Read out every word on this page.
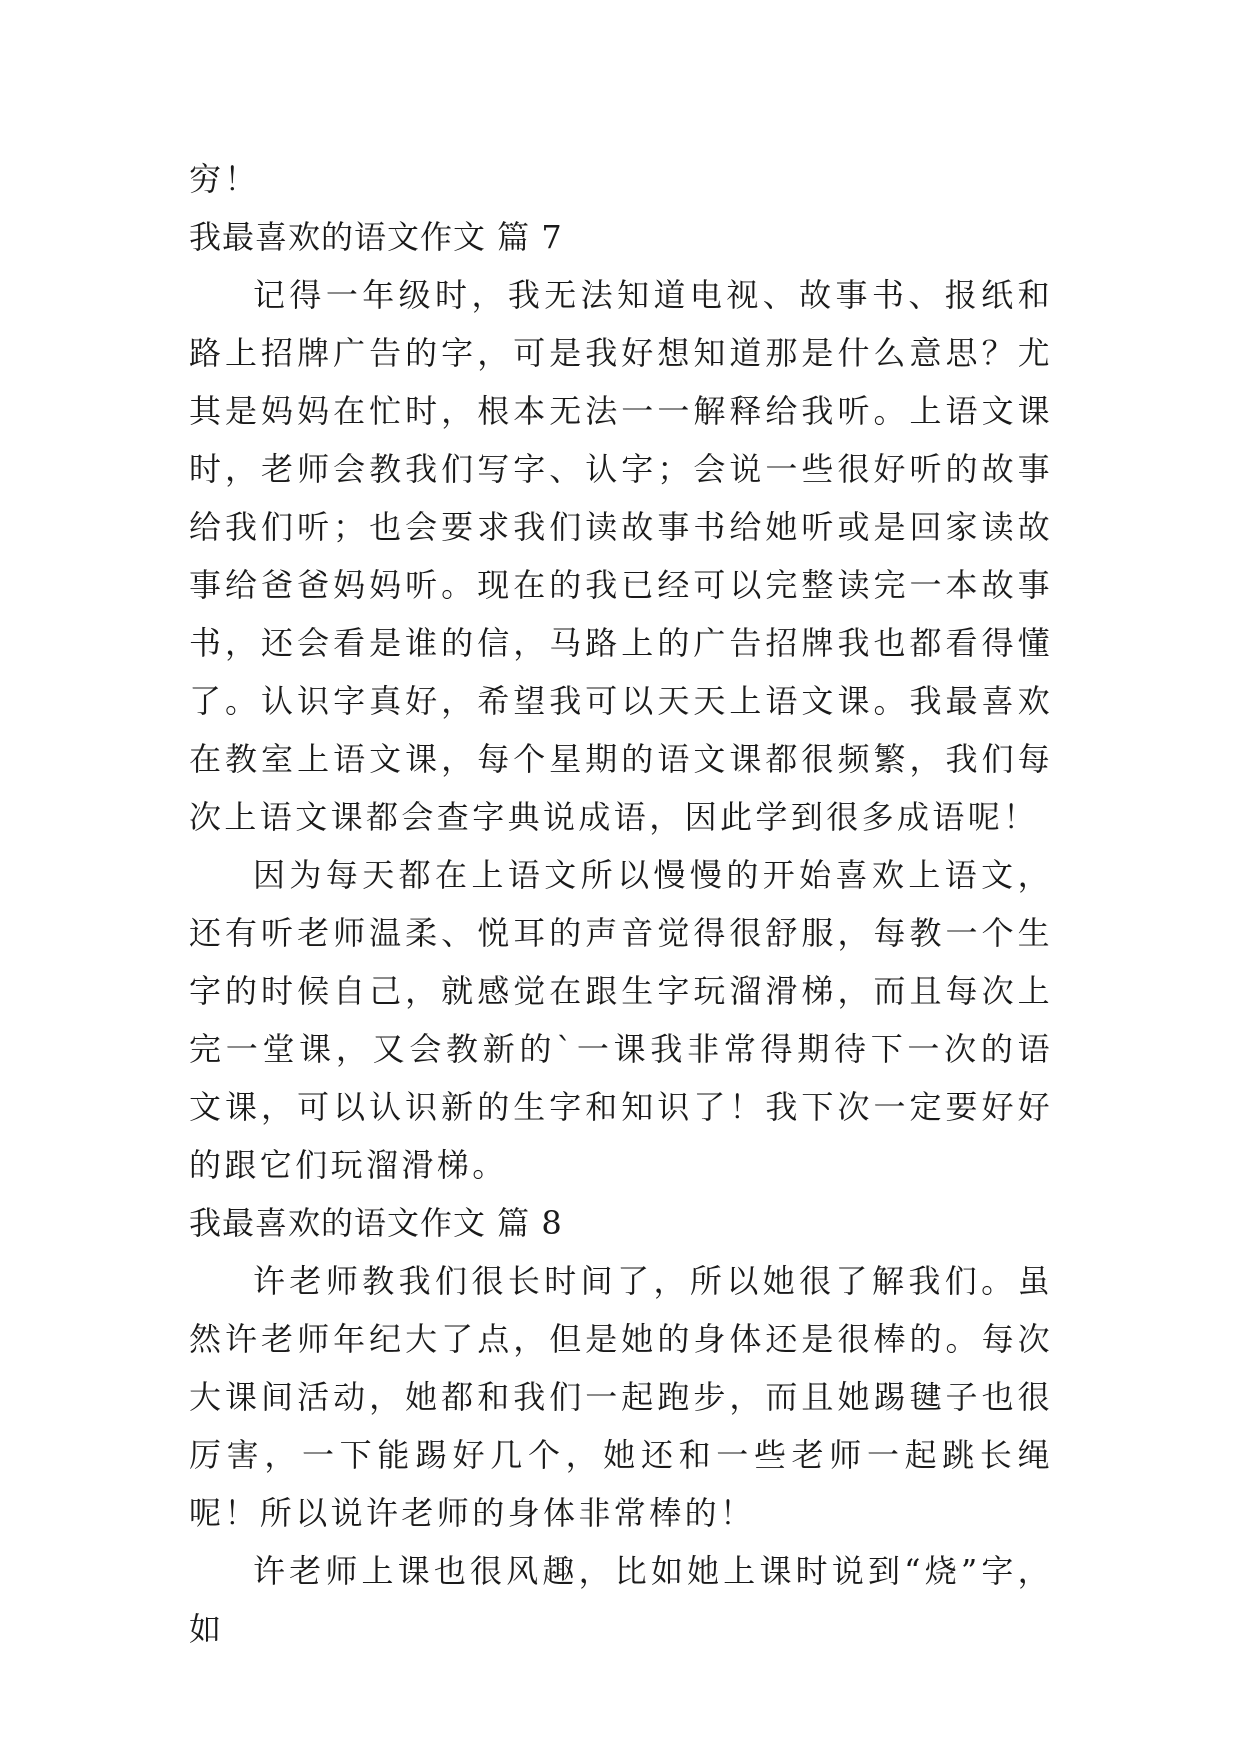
穷！
我最喜欢的语文作文 篇 7

记得一年级时，我无法知道电视、故事书、报纸和路上招牌广告的字，可是我好想知道那是什么意思？尤其是妈妈在忙时，根本无法一一解释给我听。上语文课时，老师会教我们写字、认字；会说一些很好听的故事给我们听；也会要求我们读故事书给她听或是回家读故事给爸爸妈妈听。现在的我已经可以完整读完一本故事书，还会看是谁的信，马路上的广告招牌我也都看得懂了。认识字真好，希望我可以天天上语文课。我最喜欢在教室上语文课，每个星期的语文课都很频繁，我们每次上语文课都会查字典说成语，因此学到很多成语呢！

因为每天都在上语文所以慢慢的开始喜欢上语文，还有听老师温柔、悦耳的声音觉得很舒服，每教一个生字的时候自己，就感觉在跟生字玩溜滑梯，而且每次上完一堂课，又会教新的`一课我非常得期待下一次的语文课，可以认识新的生字和知识了！我下次一定要好好的跟它们玩溜滑梯。

我最喜欢的语文作文 篇 8

许老师教我们很长时间了，所以她很了解我们。虽然许老师年纪大了点，但是她的身体还是很棒的。每次大课间活动，她都和我们一起跑步，而且她踢毽子也很厉害，一下能踢好几个，她还和一些老师一起跳长绳呢！所以说许老师的身体非常棒的！

许老师上课也很风趣，比如她上课时说到“烧”字，如
